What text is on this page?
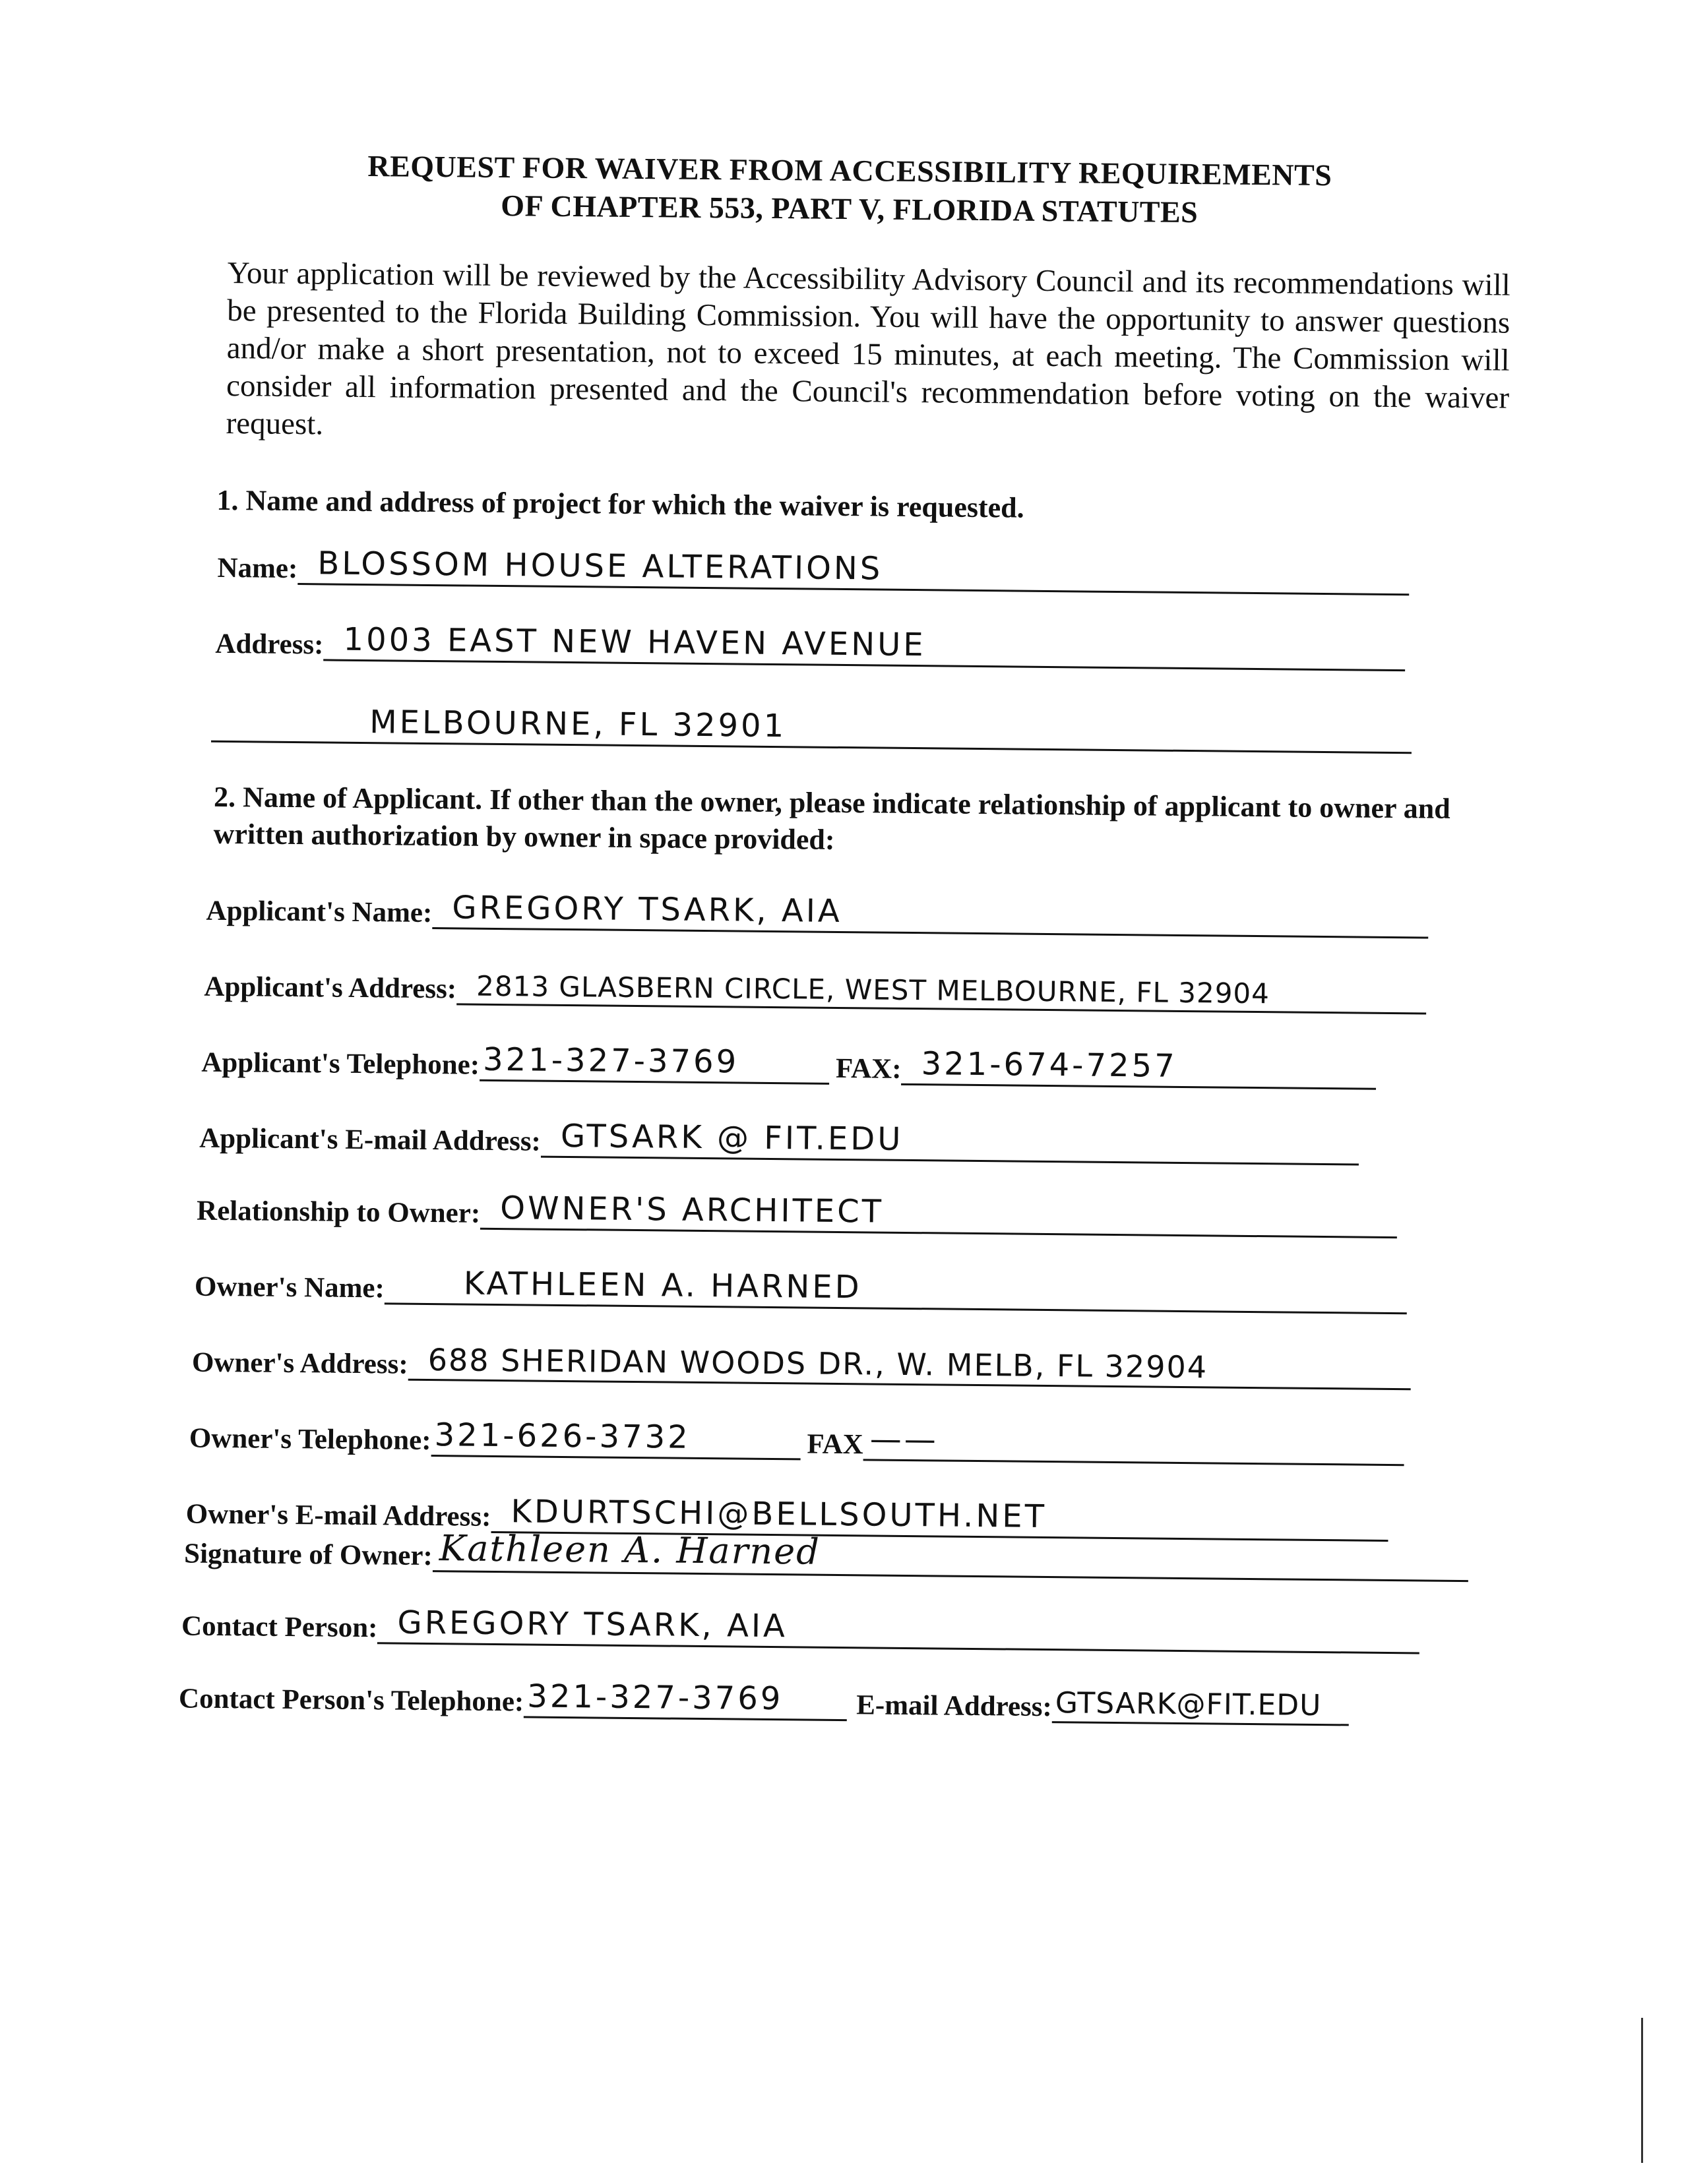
REQUEST FOR WAIVER FROM ACCESSIBILITY REQUIREMENTS
OF CHAPTER 553, PART V, FLORIDA STATUTES
Your application will be reviewed by the Accessibility Advisory Council and its recommendations will be presented to the Florida Building Commission. You will have the opportunity to answer questions and/or make a short presentation, not to exceed 15 minutes, at each meeting. The Commission will consider all information presented and the Council's recommendation before voting on the waiver request.
1. Name and address of project for which the waiver is requested.
Name: BLOSSOM HOUSE ALTERATIONS
Address: 1003 EAST NEW HAVEN AVENUE
MELBOURNE, FL 32901
2. Name of Applicant. If other than the owner, please indicate relationship of applicant to owner and written authorization by owner in space provided:
Applicant's Name: GREGORY TSARK, AIA
Applicant's Address: 2813 GLASBERN CIRCLE, WEST MELBOURNE, FL 32904
Applicant's Telephone: 321-327-3769	FAX: 321-674-7257
Applicant's E-mail Address: GTSARK @ FIT.EDU
Relationship to Owner: OWNER'S ARCHITECT
Owner's Name: KATHLEEN A. HARNED
Owner's Address: 688 SHERIDAN WOODS DR., W. MELB, FL 32904
Owner's Telephone: 321-626-3732	FAX ——
Owner's E-mail Address: KDURTSCHI@BELLSOUTH.NET
Signature of Owner: Kathleen A. Harned
Contact Person: GREGORY TSARK, AIA
Contact Person's Telephone: 321-327-3769	E-mail Address: GTSARK@FIT.EDU
